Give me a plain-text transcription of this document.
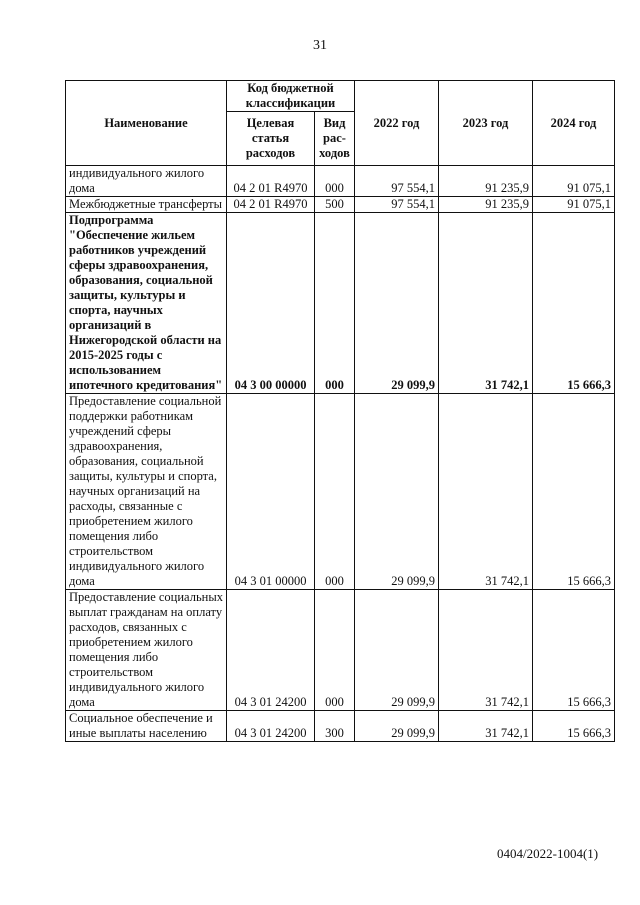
31
Наименование	Код бюджетной классификации		2022 год	2023 год	2024 год
	Целевая статья расходов	Вид рас-ходов			
индивидуального жилого дома	04 2 01 R4970	000	97 554,1	91 235,9	91 075,1
Межбюджетные трансферты	04 2 01 R4970	500	97 554,1	91 235,9	91 075,1
Подпрограмма "Обеспечение жильем работников учреждений сферы здравоохранения, образования, социальной защиты, культуры и спорта, научных организаций в Нижегородской области на 2015-2025 годы с использованием ипотечного кредитования"	04 3 00 00000	000	29 099,9	31 742,1	15 666,3
Предоставление социальной поддержки работникам учреждений сферы здравоохранения, образования, социальной защиты, культуры и спорта, научных организаций на расходы, связанные с приобретением жилого помещения либо строительством индивидуального жилого дома	04 3 01 00000	000	29 099,9	31 742,1	15 666,3
Предоставление социальных выплат гражданам на оплату расходов, связанных с приобретением жилого помещения либо строительством индивидуального жилого дома	04 3 01 24200	000	29 099,9	31 742,1	15 666,3
Социальное обеспечение и иные выплаты населению	04 3 01 24200	300	29 099,9	31 742,1	15 666,3
0404/2022-1004(1)
